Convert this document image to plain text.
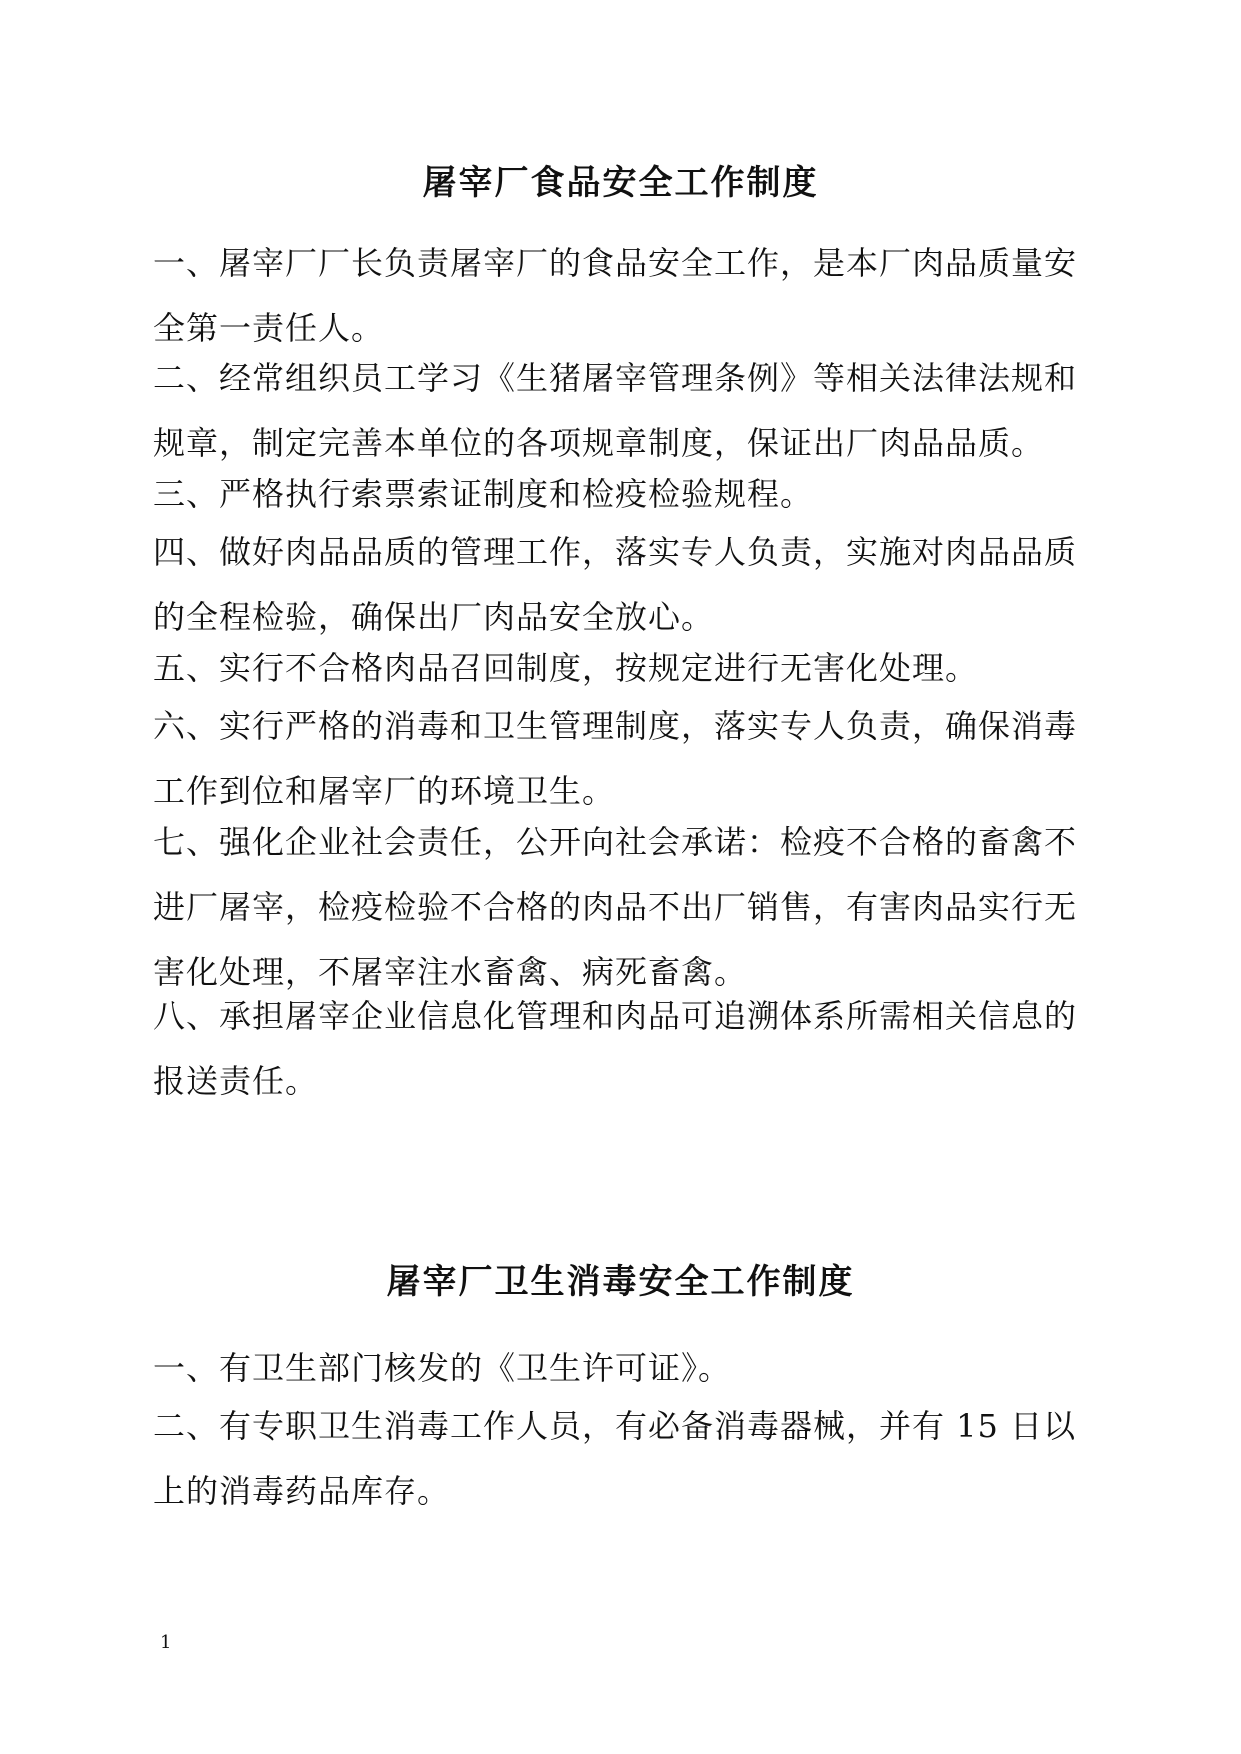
屠宰厂食品安全工作制度

一、屠宰厂厂长负责屠宰厂的食品安全工作，是本厂肉品质量安全第一责任人。

二、经常组织员工学习《生猪屠宰管理条例》等相关法律法规和规章，制定完善本单位的各项规章制度，保证出厂肉品品质。

三、严格执行索票索证制度和检疫检验规程。

四、做好肉品品质的管理工作，落实专人负责，实施对肉品品质的全程检验，确保出厂肉品安全放心。

五、实行不合格肉品召回制度，按规定进行无害化处理。

六、实行严格的消毒和卫生管理制度，落实专人负责，确保消毒工作到位和屠宰厂的环境卫生。

七、强化企业社会责任，公开向社会承诺：检疫不合格的畜禽不进厂屠宰，检疫检验不合格的肉品不出厂销售，有害肉品实行无害化处理，不屠宰注水畜禽、病死畜禽。

八、承担屠宰企业信息化管理和肉品可追溯体系所需相关信息的报送责任。

屠宰厂卫生消毒安全工作制度

一、有卫生部门核发的《卫生许可证》。

二、有专职卫生消毒工作人员，有必备消毒器械，并有 15 日以上的消毒药品库存。

1
